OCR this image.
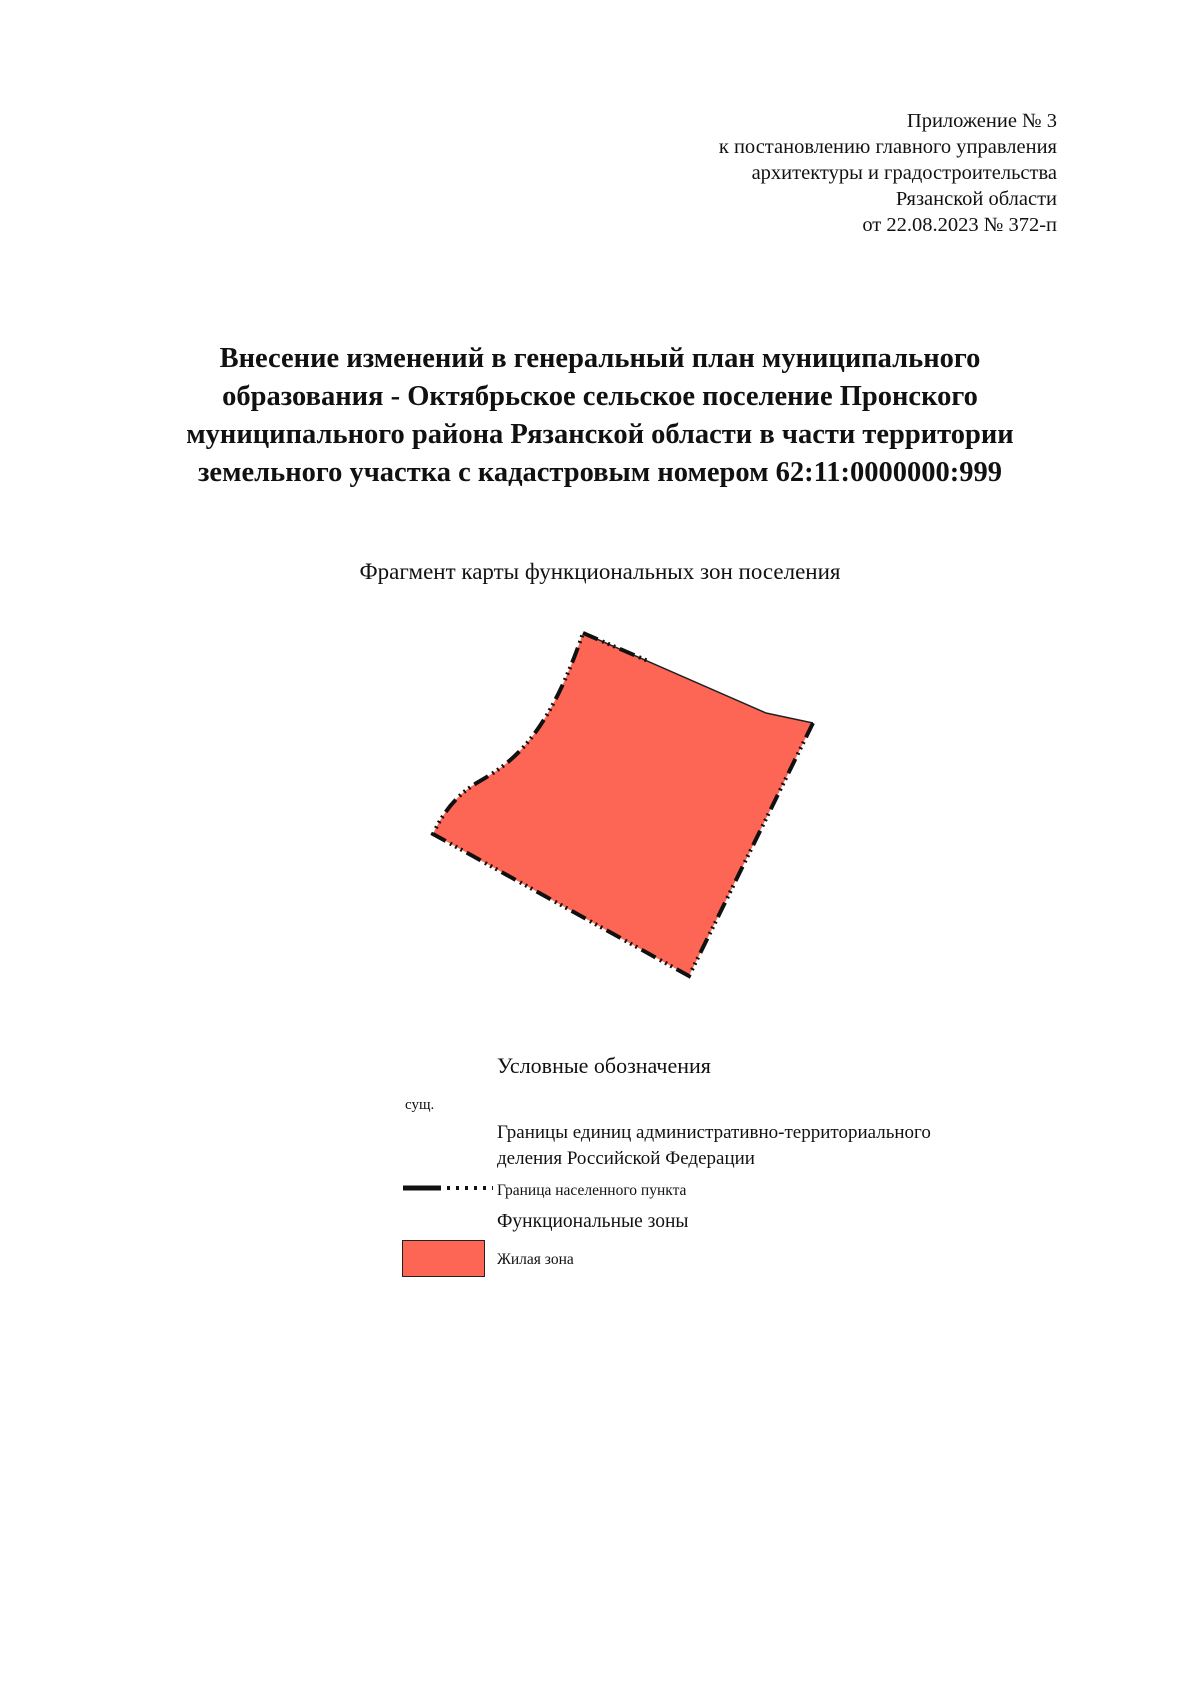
Приложение № 3
к постановлению главного управления
архитектуры и градостроительства
Рязанской области
от 22.08.2023 № 372-п
Внесение изменений в генеральный план муниципального
образования - Октябрьское сельское поселение Пронского
муниципального района Рязанской области в части территории
земельного участка с кадастровым номером 62:11:0000000:999
Фрагмент карты функциональных зон поселения
Условные обозначения
сущ.
Границы единиц административно-территориального
деления Российской Федерации
Граница населенного пункта
Функциональные зоны
Жилая зона
